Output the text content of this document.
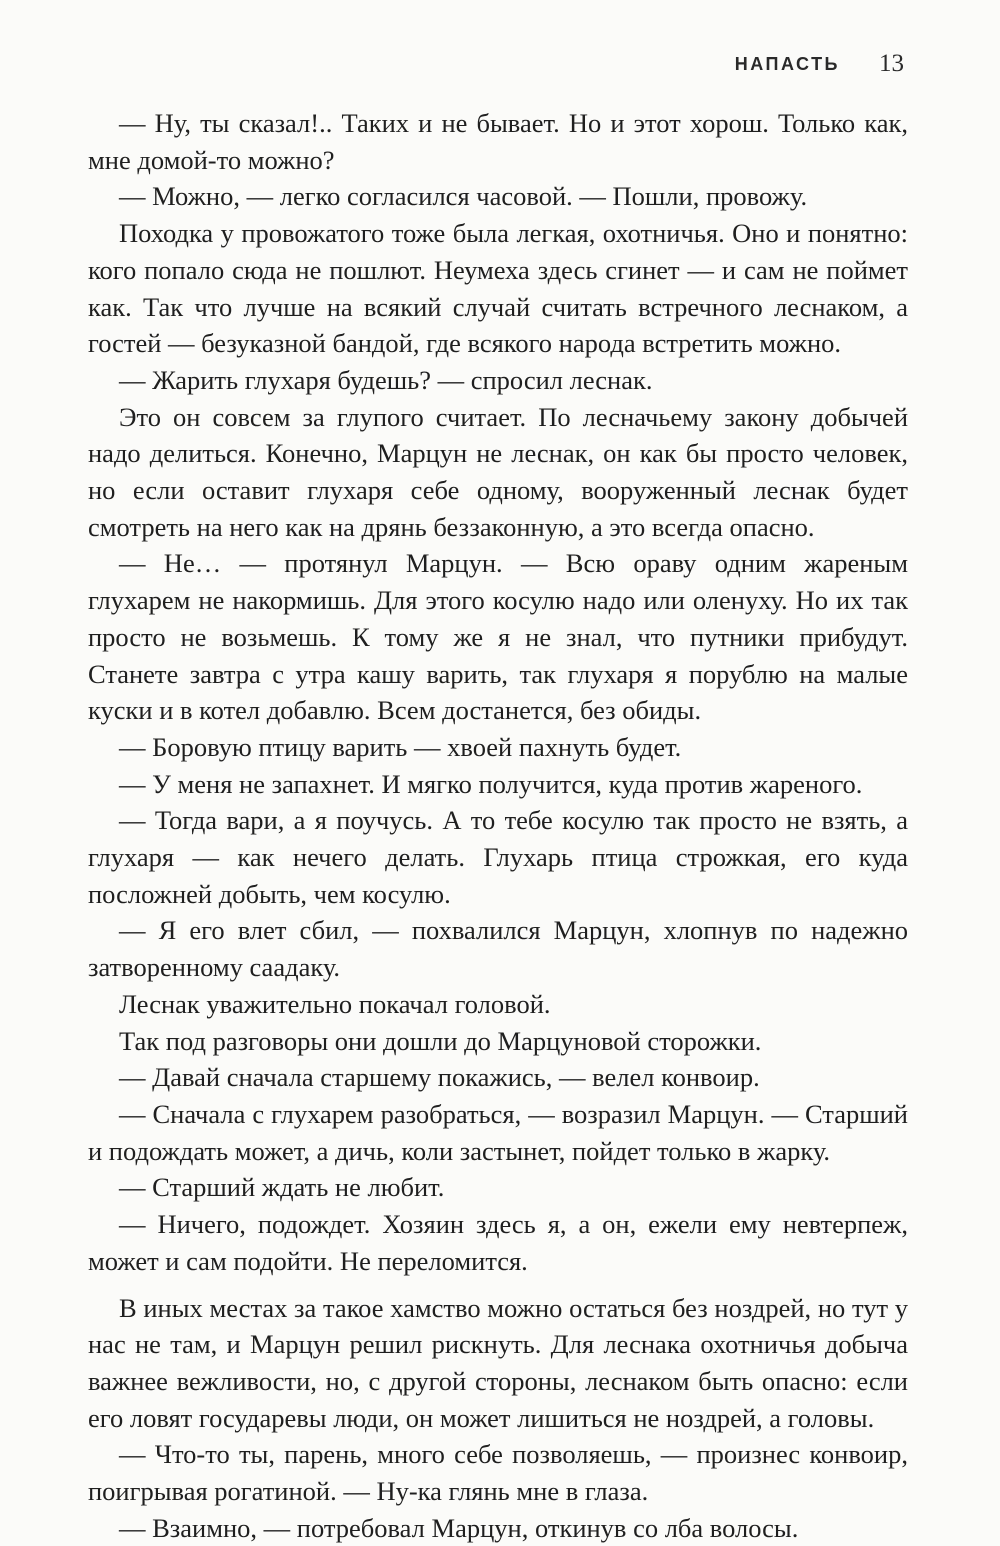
НАПАСТЬ 13

— Ну, ты сказал!.. Таких и не бывает. Но и этот хорош. Только как, мне домой-то можно?

— Можно, — легко согласился часовой. — Пошли, провожу.

Походка у провожатого тоже была легкая, охотничья. Оно и понятно: кого попало сюда не пошлют. Неумеха здесь сгинет — и сам не поймет как. Так что лучше на всякий случай считать встречного леснаком, а гостей — безуказной бандой, где всякого народа встретить можно.

— Жарить глухаря будешь? — спросил леснак.

Это он совсем за глупого считает. По лесначьему закону добычей надо делиться. Конечно, Марцун не леснак, он как бы просто человек, но если оставит глухаря себе одному, вооруженный леснак будет смотреть на него как на дрянь беззаконную, а это всегда опасно.

— Не… — протянул Марцун. — Всю ораву одним жареным глухарем не накормишь. Для этого косулю надо или оленуху. Но их так просто не возьмешь. К тому же я не знал, что путники прибудут. Станете завтра с утра кашу варить, так глухаря я порублю на малые куски и в котел добавлю. Всем достанется, без обиды.

— Боровую птицу варить — хвоей пахнуть будет.

— У меня не запахнет. И мягко получится, куда против жареного.

— Тогда вари, а я поучусь. А то тебе косулю так просто не взять, а глухаря — как нечего делать. Глухарь птица строжкая, его куда посложней добыть, чем косулю.

— Я его влет сбил, — похвалился Марцун, хлопнув по надежно затворенному саадаку.

Леснак уважительно покачал головой.

Так под разговоры они дошли до Марцуновой сторожки.

— Давай сначала старшему покажись, — велел конвоир.

— Сначала с глухарем разобраться, — возразил Марцун. — Старший и подождать может, а дичь, коли застынет, пойдет только в жарку.

— Старший ждать не любит.

— Ничего, подождет. Хозяин здесь я, а он, ежели ему невтерпеж, может и сам подойти. Не переломится.

В иных местах за такое хамство можно остаться без ноздрей, но тут у нас не там, и Марцун решил рискнуть. Для леснака охотничья добыча важнее вежливости, но, с другой стороны, леснаком быть опасно: если его ловят государевы люди, он может лишиться не ноздрей, а головы.

— Что-то ты, парень, много себе позволяешь, — произнес конвоир, поигрывая рогатиной. — Ну-ка глянь мне в глаза.

— Взаимно, — потребовал Марцун, откинув со лба волосы.
